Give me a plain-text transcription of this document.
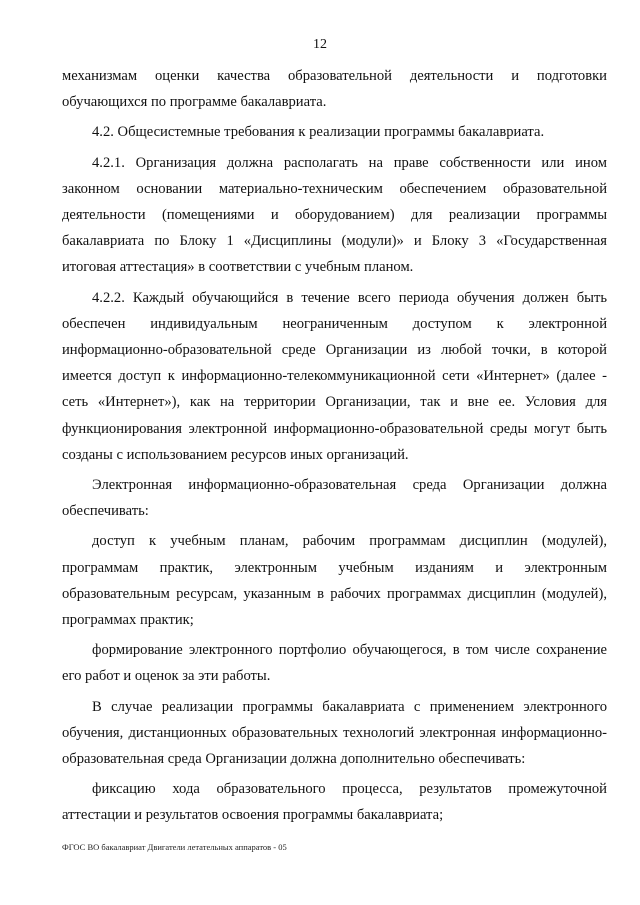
12

механизмам оценки качества образовательной деятельности и подготовки обучающихся по программе бакалавриата.

4.2. Общесистемные требования к реализации программы бакалавриата.

4.2.1. Организация должна располагать на праве собственности или ином законном основании материально-техническим обеспечением образовательной деятельности (помещениями и оборудованием) для реализации программы бакалавриата по Блоку 1 «Дисциплины (модули)» и Блоку 3 «Государственная итоговая аттестация» в соответствии с учебным планом.

4.2.2. Каждый обучающийся в течение всего периода обучения должен быть обеспечен индивидуальным неограниченным доступом к электронной информационно-образовательной среде Организации из любой точки, в которой имеется доступ к информационно-телекоммуникационной сети «Интернет» (далее - сеть «Интернет»), как на территории Организации, так и вне ее. Условия для функционирования электронной информационно-образовательной среды могут быть созданы с использованием ресурсов иных организаций.

Электронная информационно-образовательная среда Организации должна обеспечивать:

доступ к учебным планам, рабочим программам дисциплин (модулей), программам практик, электронным учебным изданиям и электронным образовательным ресурсам, указанным в рабочих программах дисциплин (модулей), программах практик;

формирование электронного портфолио обучающегося, в том числе сохранение его работ и оценок за эти работы.

В случае реализации программы бакалавриата с применением электронного обучения, дистанционных образовательных технологий электронная информационно-образовательная среда Организации должна дополнительно обеспечивать:

фиксацию хода образовательного процесса, результатов промежуточной аттестации и результатов освоения программы бакалавриата;

ФГОС ВО бакалавриат Двигатели летательных аппаратов - 05
